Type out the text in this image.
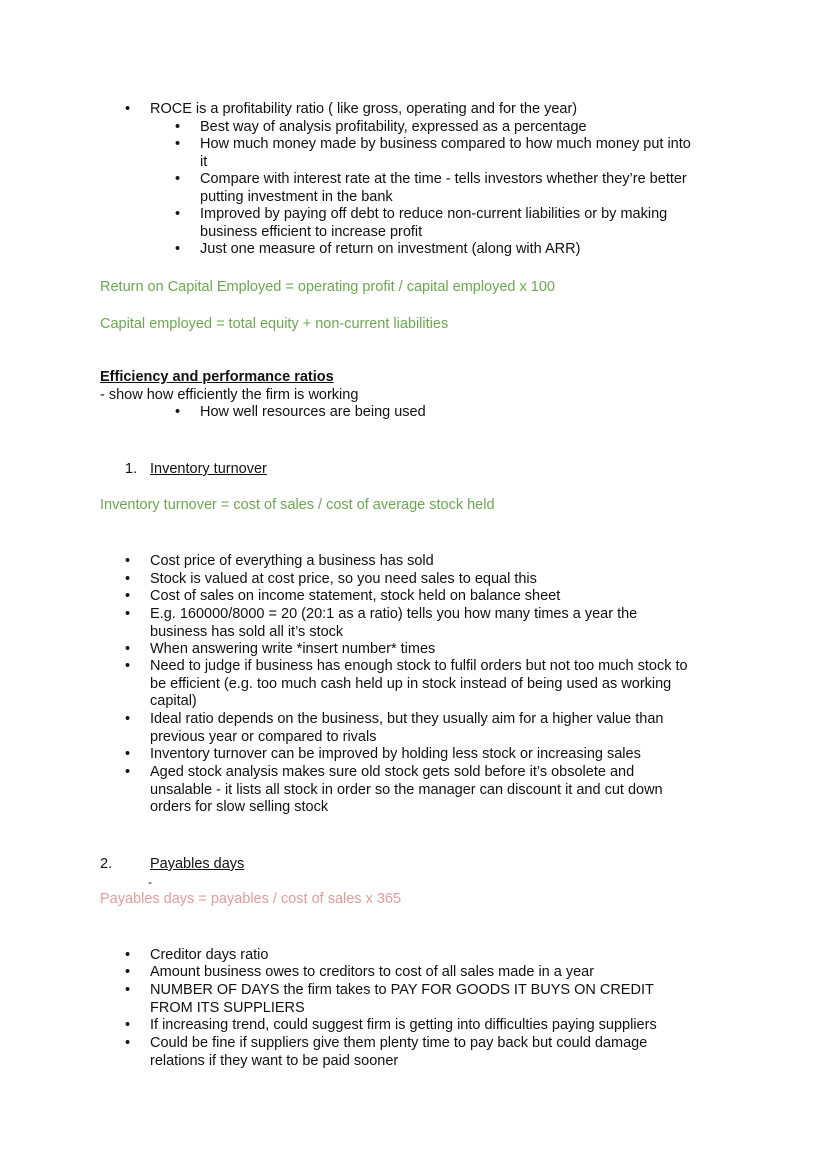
• ROCE is a profitability ratio ( like gross, operating and for the year)
• Best way of analysis profitability, expressed as a percentage
• How much money made by business compared to how much money put into
it
• Compare with interest rate at the time - tells investors whether they’re better
putting investment in the bank
• Improved by paying off debt to reduce non-current liabilities or by making
business efficient to increase profit
• Just one measure of return on investment (along with ARR)
Return on Capital Employed = operating profit / capital employed x 100
Capital employed = total equity + non-current liabilities
Efficiency and performance ratios
- show how efficiently the firm is working
• How well resources are being used
1. Inventory turnover
Inventory turnover = cost of sales / cost of average stock held
• Cost price of everything a business has sold
• Stock is valued at cost price, so you need sales to equal this
• Cost of sales on income statement, stock held on balance sheet
• E.g. 160000/8000 = 20 (20:1 as a ratio) tells you how many times a year the
business has sold all it’s stock
• When answering write *insert number* times
• Need to judge if business has enough stock to fulfil orders but not too much stock to
be efficient (e.g. too much cash held up in stock instead of being used as working
capital)
• Ideal ratio depends on the business, but they usually aim for a higher value than
previous year or compared to rivals
• Inventory turnover can be improved by holding less stock or increasing sales
• Aged stock analysis makes sure old stock gets sold before it’s obsolete and
unsalable - it lists all stock in order so the manager can discount it and cut down
orders for slow selling stock
2.	Payables days
-
Payables days = payables / cost of sales x 365
• Creditor days ratio
• Amount business owes to creditors to cost of all sales made in a year
• NUMBER OF DAYS the firm takes to PAY FOR GOODS IT BUYS ON CREDIT
FROM ITS SUPPLIERS
• If increasing trend, could suggest firm is getting into difficulties paying suppliers
• Could be fine if suppliers give them plenty time to pay back but could damage
relations if they want to be paid sooner
